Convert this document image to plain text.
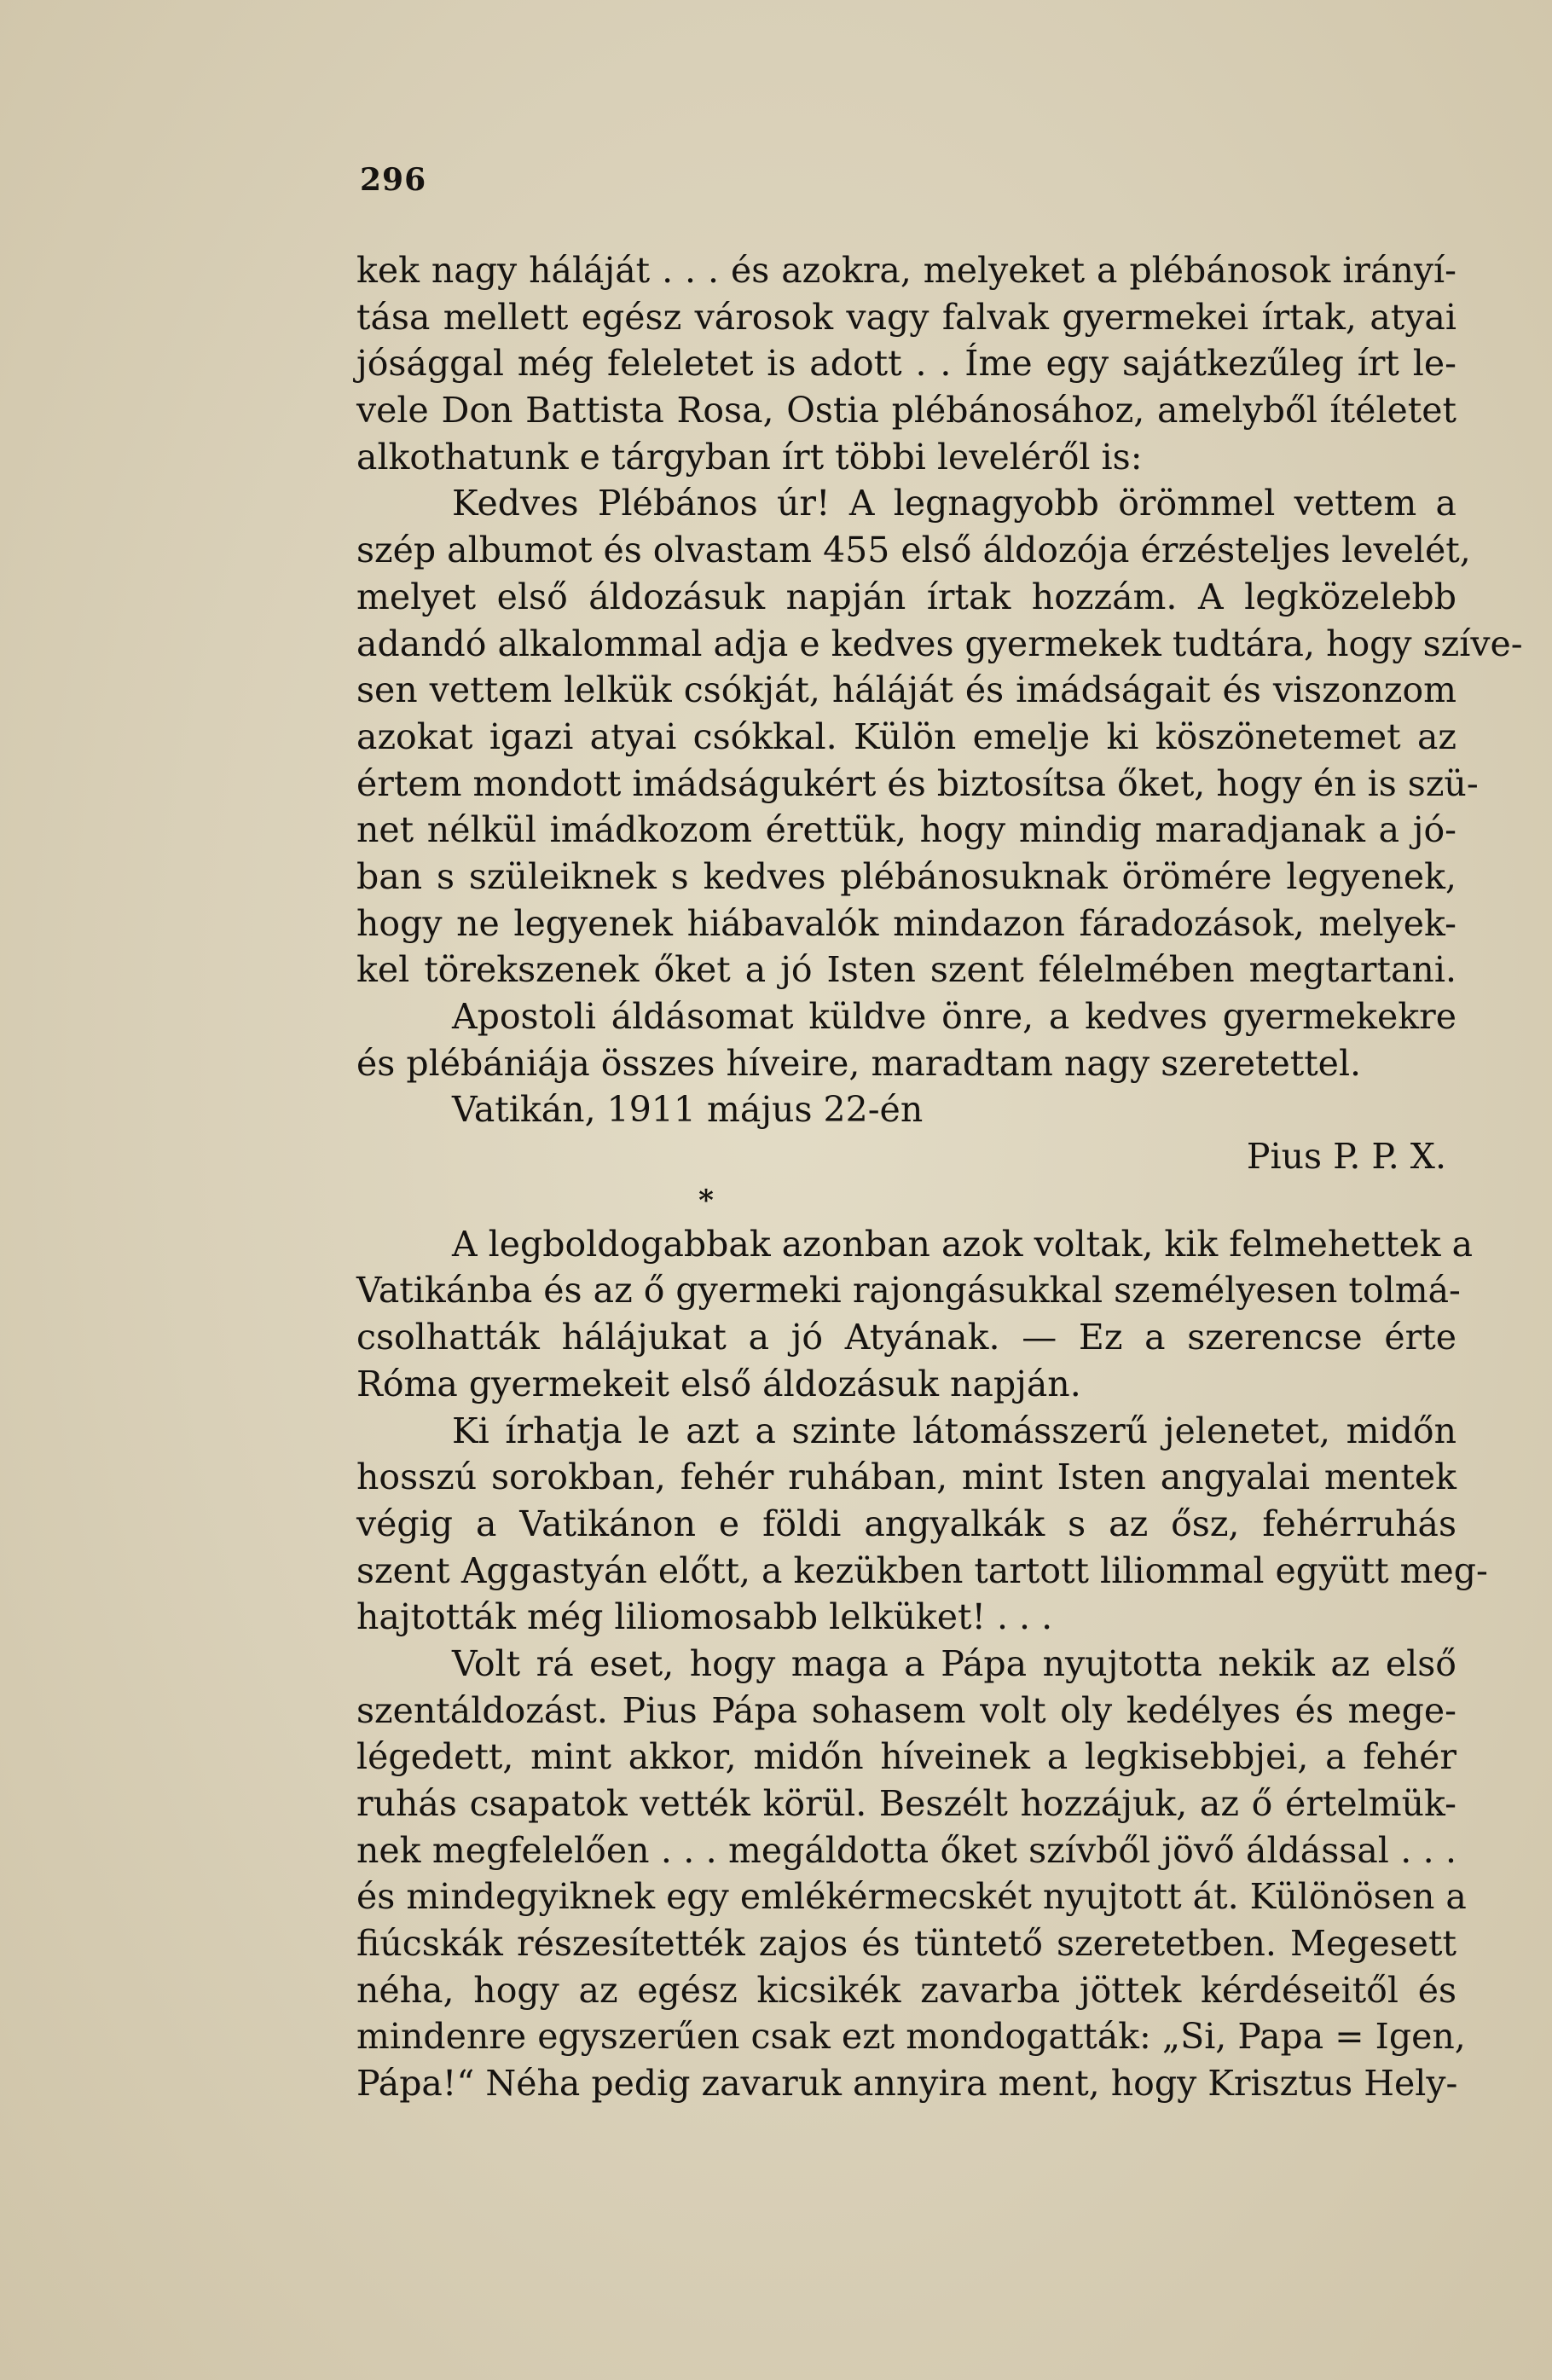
296
kek nagy háláját . . . és azokra, melyeket a plébánosok irányí-
tása mellett egész városok vagy falvak gyermekei írtak, atyai
jósággal még feleletet is adott . . Íme egy sajátkezűleg írt le-
vele Don Battista Rosa, Ostia plébánosához, amelyből ítéletet
alkothatunk e tárgyban írt többi leveléről is:
Kedves Plébános úr! A legnagyobb örömmel vettem a
szép albumot és olvastam 455 első áldozója érzésteljes levelét,
melyet első áldozásuk napján írtak hozzám. A legközelebb
adandó alkalommal adja e kedves gyermekek tudtára, hogy szíve-
sen vettem lelkük csókját, háláját és imádságait és viszonzom
azokat igazi atyai csókkal. Külön emelje ki köszönetemet az
értem mondott imádságukért és biztosítsa őket, hogy én is szü-
net nélkül imádkozom érettük, hogy mindig maradjanak a jó-
ban s szüleiknek s kedves plébánosuknak örömére legyenek,
hogy ne legyenek hiábavalók mindazon fáradozások, melyek-
kel törekszenek őket a jó Isten szent félelmében megtartani.
Apostoli áldásomat küldve önre, a kedves gyermekekre
és plébániája összes híveire, maradtam nagy szeretettel.
Vatikán, 1911 május 22-én
Pius P. P. X.
*
A legboldogabbak azonban azok voltak, kik felmehettek a
Vatikánba és az ő gyermeki rajongásukkal személyesen tolmá-
csolhatták hálájukat a jó Atyának. — Ez a szerencse érte
Róma gyermekeit első áldozásuk napján.
Ki írhatja le azt a szinte látomásszerű jelenetet, midőn
hosszú sorokban, fehér ruhában, mint Isten angyalai mentek
végig a Vatikánon e földi angyalkák s az ősz, fehérruhás
szent Aggastyán előtt, a kezükben tartott liliommal együtt meg-
hajtották még liliomosabb lelküket! . . .
Volt rá eset, hogy maga a Pápa nyujtotta nekik az első
szentáldozást. Pius Pápa sohasem volt oly kedélyes és mege-
légedett, mint akkor, midőn híveinek a legkisebbjei, a fehér
ruhás csapatok vették körül. Beszélt hozzájuk, az ő értelmük-
nek megfelelően . . . megáldotta őket szívből jövő áldással . . .
és mindegyiknek egy emlékérmecskét nyujtott át. Különösen a
fiúcskák részesítették zajos és tüntető szeretetben. Megesett
néha, hogy az egész kicsikék zavarba jöttek kérdéseitől és
mindenre egyszerűen csak ezt mondogatták: „Si, Papa = Igen,
Pápa!“ Néha pedig zavaruk annyira ment, hogy Krisztus Hely-
